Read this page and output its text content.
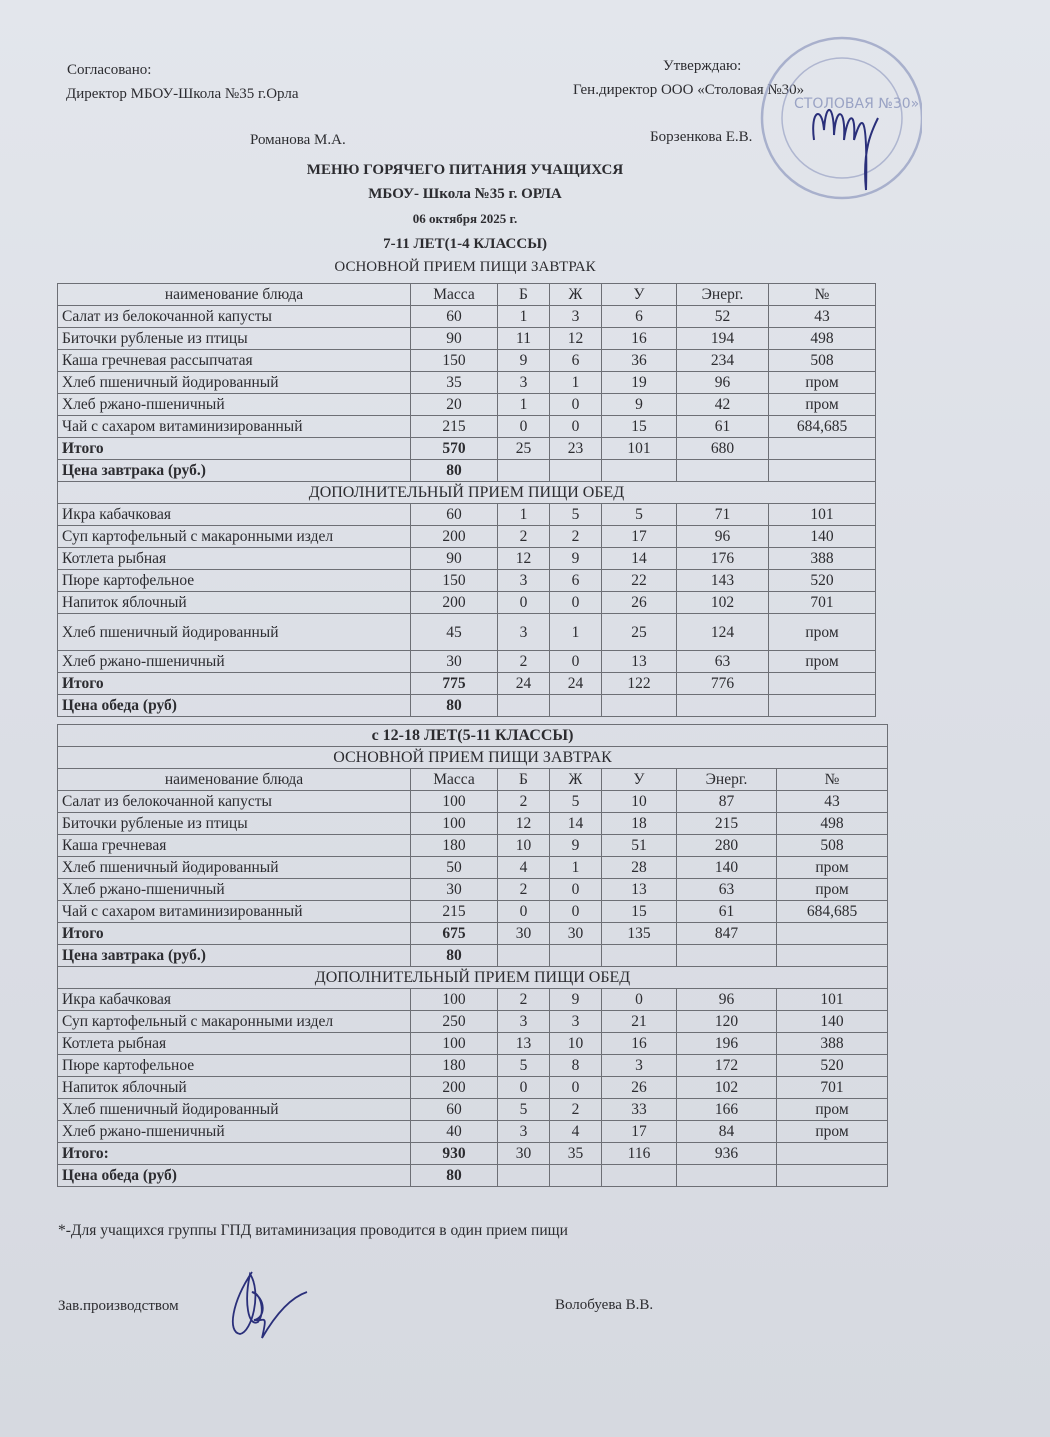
Согласовано:
Директор МБОУ-Школа №35 г.Орла
Романова М.А.
Утверждаю:
Ген.директор ООО «Столовая №30»
Борзенкова Е.В.
СТОЛОВАЯ №30»
МЕНЮ ГОРЯЧЕГО ПИТАНИЯ УЧАЩИХСЯ
МБОУ- Школа №35 г. ОРЛА
06 октября 2025 г.
7-11 ЛЕТ(1-4 КЛАССЫ)
ОСНОВНОЙ ПРИЕМ ПИЩИ ЗАВТРАК
наименование блюда	Масса	Б	Ж	У	Энерг.	№
Салат из белокочанной капусты	60	1	3	6	52	43
Биточки рубленые из птицы	90	11	12	16	194	498
Каша гречневая рассыпчатая	150	9	6	36	234	508
Хлеб пшеничный йодированный	35	3	1	19	96	пром
Хлеб ржано-пшеничный	20	1	0	9	42	пром
Чай с сахаром витаминизированный	215	0	0	15	61	684,685
Итого	570	25	23	101	680	
Цена завтрака (руб.)	80					
ДОПОЛНИТЕЛЬНЫЙ ПРИЕМ ПИЩИ ОБЕД						
Икра кабачковая	60	1	5	5	71	101
Суп картофельный с макаронными издел	200	2	2	17	96	140
Котлета рыбная	90	12	9	14	176	388
Пюре картофельное	150	3	6	22	143	520
Напиток яблочный	200	0	0	26	102	701
Хлеб пшеничный йодированный	45	3	1	25	124	пром
Хлеб ржано-пшеничный	30	2	0	13	63	пром
Итого	775	24	24	122	776	
Цена обеда (руб)	80					
с 12-18 ЛЕТ(5-11 КЛАССЫ)						
ОСНОВНОЙ ПРИЕМ ПИЩИ ЗАВТРАК						
наименование блюда	Масса	Б	Ж	У	Энерг.	№
Салат из белокочанной капусты	100	2	5	10	87	43
Биточки рубленые из птицы	100	12	14	18	215	498
Каша гречневая	180	10	9	51	280	508
Хлеб пшеничный йодированный	50	4	1	28	140	пром
Хлеб ржано-пшеничный	30	2	0	13	63	пром
Чай с сахаром витаминизированный	215	0	0	15	61	684,685
Итого	675	30	30	135	847	
Цена завтрака (руб.)	80					
ДОПОЛНИТЕЛЬНЫЙ ПРИЕМ ПИЩИ ОБЕД						
Икра кабачковая	100	2	9	0	96	101
Суп картофельный с макаронными издел	250	3	3	21	120	140
Котлета рыбная	100	13	10	16	196	388
Пюре картофельное	180	5	8	3	172	520
Напиток яблочный	200	0	0	26	102	701
Хлеб пшеничный йодированный	60	5	2	33	166	пром
Хлеб ржано-пшеничный	40	3	4	17	84	пром
Итого:	930	30	35	116	936	
Цена обеда (руб)	80					
*-Для учащихся группы ГПД витаминизация проводится в один прием пищи
Зав.производством	Волобуева В.В.
